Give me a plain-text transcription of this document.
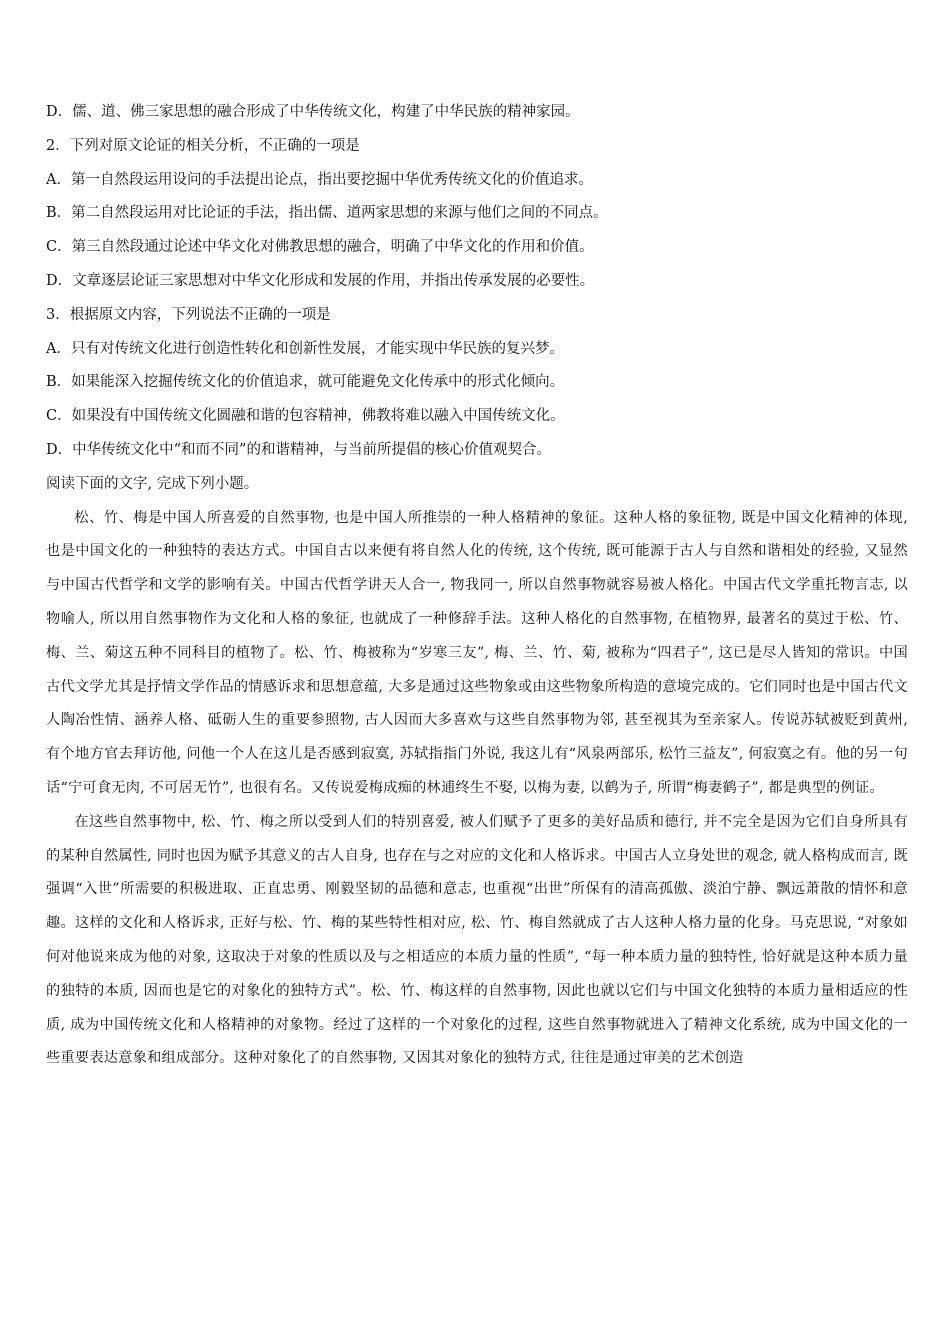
D．儒、道、佛三家思想的融合形成了中华传统文化，构建了中华民族的精神家园。
2．下列对原文论证的相关分析，不正确的一项是
A．第一自然段运用设问的手法提出论点，指出要挖掘中华优秀传统文化的价值追求。
B．第二自然段运用对比论证的手法，指出儒、道两家思想的来源与他们之间的不同点。
C．第三自然段通过论述中华文化对佛教思想的融合，明确了中华文化的作用和价值。
D．文章逐层论证三家思想对中华文化形成和发展的作用，并指出传承发展的必要性。
3．根据原文内容，下列说法不正确的一项是
A．只有对传统文化进行创造性转化和创新性发展，才能实现中华民族的复兴梦。
B．如果能深入挖掘传统文化的价值追求，就可能避免文化传承中的形式化倾向。
C．如果没有中国传统文化圆融和谐的包容精神，佛教将难以融入中国传统文化。
D．中华传统文化中“和而不同”的和谐精神，与当前所提倡的核心价值观契合。
阅读下面的文字, 完成下列小题。

松、竹、梅是中国人所喜爱的自然事物, 也是中国人所推崇的一种人格精神的象征。这种人格的象征物, 既是中国文化精神的体现, 也是中国文化的一种独特的表达方式。中国自古以来便有将自然人化的传统, 这个传统, 既可能源于古人与自然和谐相处的经验, 又显然与中国古代哲学和文学的影响有关。中国古代哲学讲天人合一, 物我同一, 所以自然事物就容易被人格化。中国古代文学重托物言志, 以物喻人, 所以用自然事物作为文化和人格的象征, 也就成了一种修辞手法。这种人格化的自然事物, 在植物界, 最著名的莫过于松、竹、梅、兰、菊这五种不同科目的植物了。松、竹、梅被称为“岁寒三友”, 梅、兰、竹、菊, 被称为“四君子”, 这已是尽人皆知的常识。中国古代文学尤其是抒情文学作品的情感诉求和思想意蕴, 大多是通过这些物象或由这些物象所构造的意境完成的。它们同时也是中国古代文人陶冶性情、涵养人格、砥砺人生的重要参照物, 古人因而大多喜欢与这些自然事物为邻, 甚至视其为至亲家人。传说苏轼被贬到黄州, 有个地方官去拜访他, 问他一个人在这儿是否感到寂寞, 苏轼指指门外说, 我这儿有“风泉两部乐, 松竹三益友”, 何寂寞之有。他的另一句话“宁可食无肉, 不可居无竹”, 也很有名。又传说爱梅成痴的林逋终生不娶, 以梅为妻, 以鹤为子, 所谓“梅妻鹤子”, 都是典型的例证。

在这些自然事物中, 松、竹、梅之所以受到人们的特别喜爱, 被人们赋予了更多的美好品质和德行, 并不完全是因为它们自身所具有的某种自然属性, 同时也因为赋予其意义的古人自身, 也存在与之对应的文化和人格诉求。中国古人立身处世的观念, 就人格构成而言, 既强调“入世”所需要的积极进取、正直忠勇、刚毅坚韧的品德和意志, 也重视“出世”所保有的清高孤傲、淡泊宁静、飘远萧散的情怀和意趣。这样的文化和人格诉求, 正好与松、竹、梅的某些特性相对应, 松、竹、梅自然就成了古人这种人格力量的化身。马克思说, “对象如何对他说来成为他的对象, 这取决于对象的性质以及与之相适应的本质力量的性质”, “每一种本质力量的独特性, 恰好就是这种本质力量的独特的本质, 因而也是它的对象化的独特方式”。松、竹、梅这样的自然事物, 因此也就以它们与中国文化独特的本质力量相适应的性质, 成为中国传统文化和人格精神的对象物。经过了这样的一个对象化的过程, 这些自然事物就进入了精神文化系统, 成为中国文化的一些重要表达意象和组成部分。这种对象化了的自然事物, 又因其对象化的独特方式, 往往是通过审美的艺术创造
